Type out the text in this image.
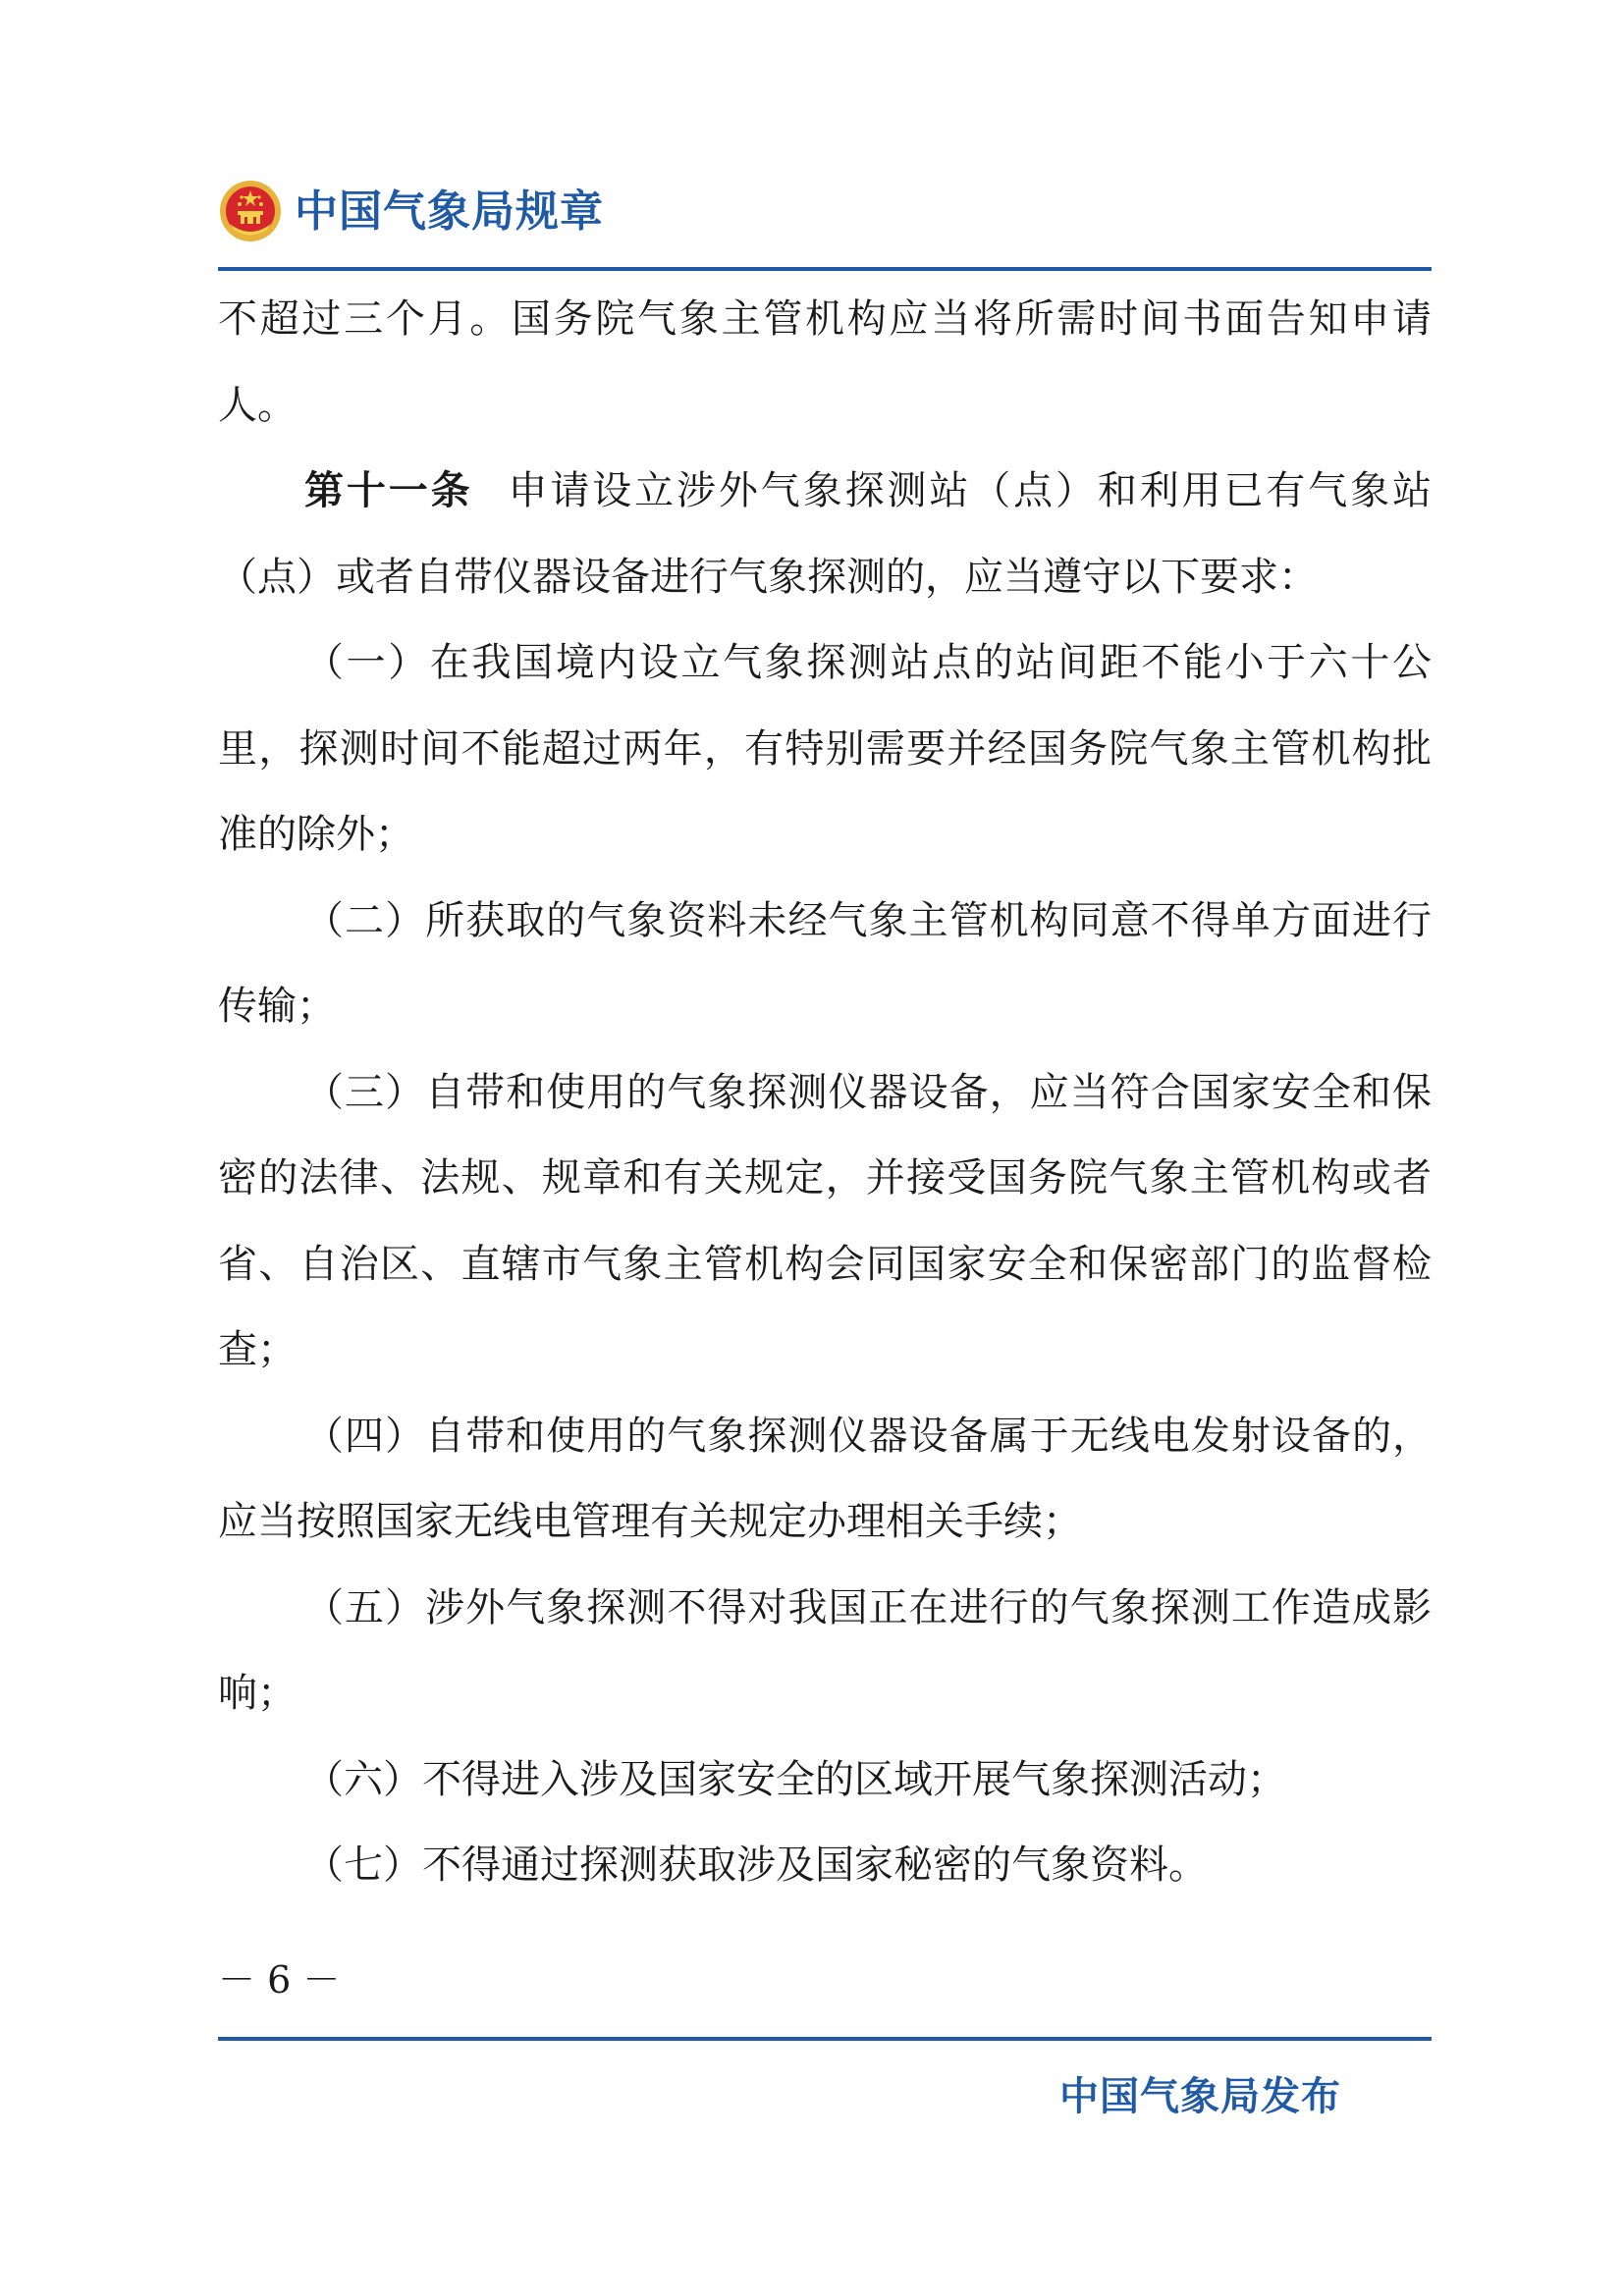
中国气象局规章

不超过三个月。国务院气象主管机构应当将所需时间书面告知申请人。

第十一条 申请设立涉外气象探测站（点）和利用已有气象站（点）或者自带仪器设备进行气象探测的，应当遵守以下要求：

（一）在我国境内设立气象探测站点的站间距不能小于六十公里，探测时间不能超过两年，有特别需要并经国务院气象主管机构批准的除外；

（二）所获取的气象资料未经气象主管机构同意不得单方面进行传输；

（三）自带和使用的气象探测仪器设备，应当符合国家安全和保密的法律、法规、规章和有关规定，并接受国务院气象主管机构或者省、自治区、直辖市气象主管机构会同国家安全和保密部门的监督检查；

（四）自带和使用的气象探测仪器设备属于无线电发射设备的，应当按照国家无线电管理有关规定办理相关手续；

（五）涉外气象探测不得对我国正在进行的气象探测工作造成影响；

（六）不得进入涉及国家安全的区域开展气象探测活动；

（七）不得通过探测获取涉及国家秘密的气象资料。

－ 6 －
中国气象局发布
